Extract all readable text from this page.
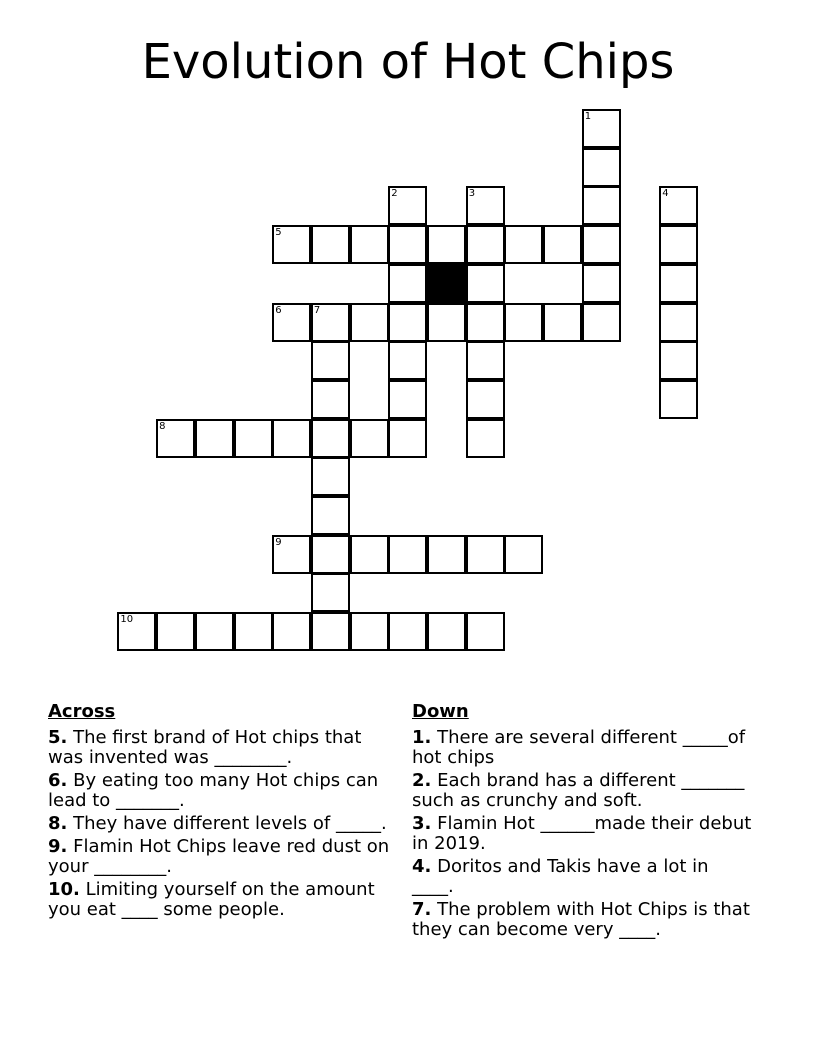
Evolution of Hot Chips
1
2	3	4
5
6	7
8
9
10
Across
5. The first brand of Hot chips that was invented was ________.
6. By eating too many Hot chips can lead to _______.
8. They have different levels of _____.
9. Flamin Hot Chips leave red dust on your ________.
10. Limiting yourself on the amount you eat ____ some people.
Down
1. There are several different _____of hot chips
2. Each brand has a different _______ such as crunchy and soft.
3. Flamin Hot ______made their debut in 2019.
4. Doritos and Takis have a lot in ____.
7. The problem with Hot Chips is that they can become very ____.
